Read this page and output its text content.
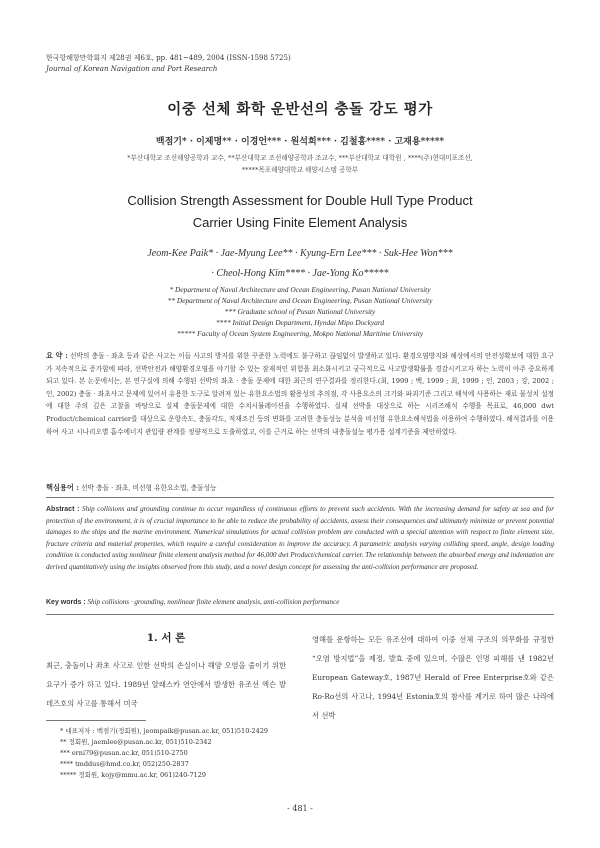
한국항해항만학회지 제28권 제6호, pp. 481~489, 2004 (ISSN-1598 5725)
Journal of Korean Navigation and Port Research
이중 선체 화학 운반선의 충돌 강도 평가
백점기* · 이제명** · 이경언*** · 원석희*** · 김철홍**** · 고재용*****
*부산대학교 조선해양공학과 교수, **부산대학교 조선해양공학과 조교수, ***부산대학교 대학원 , ****(주)현대미포조선,
*****목포해양대학교 해양시스템 공학부
Collision Strength Assessment for Double Hull Type Product
Carrier Using Finite Element Analysis
Jeom-Kee Paik* · Jae-Myung Lee** · Kyung-Ern Lee*** · Suk-Hee Won***
· Cheol-Hong Kim**** · Jae-Yong Ko*****
* Department of Naval Architecture and Ocean Engineering, Pusan National University
** Department of Naval Architecture and Ocean Engineering, Pusan National University
*** Graduate school of Pusan National University
**** Initial Design Department, Hyndai Mipo Dockyard
***** Faculty of Ocean System Engineering, Mokpo National Maritime University
요 약 : 선박의 충돌 · 좌초 등과 같은 사고는 이들 사고의 방지를 위한 꾸준한 노력에도 불구하고 끊임없이 발생하고 있다. 환경오염방지와 해상에서의 안전성확보에 대한 요구가 지속적으로 증가함에 따라, 선박안전과 해양환경오염을 야기할 수 있는 잠재적인 위험을 최소화시키고 궁극적으로 사고발생확률을 경감시키고자 하는 노력이 아주 중요하게 되고 있다. 본 논문에서는, 본 연구실에 의해 수행된 선박의 좌초 · 충돌 문제에 대한 최근의 연구결과를 정리한다.(최, 1999 ; 백, 1999 ; 최, 1999 ; 인, 2003 ; 강, 2002 ; 인, 2002) 충돌 · 좌초사고 문제에 있어서 유용한 도구로 알려져 있는 유한요소법의 활용성의 추의점, 각 사용요소의 크기와 파괴기준 그리고 해석에 사용하는 재료 물성치 설정에 대한 주의 깊은 고찰을 바탕으로 실제 충돌문제에 대한 수치시뮬레이션을 수행하였다. 실제 선박을 대상으로 하는 시리즈해석 수행을 목표로, 46,000 dwt Product/chemical carrier를 대상으로 운항속도, 충돌각도, 적재조건 등의 변화를 고려한 충돌성능 분석을 비선형 유한요소해석법을 이용하여 수행하였다. 해석결과를 이용하여 사고 시나리오별 흡수에너지 관입량 관계를 정량적으로 도출하였고, 이를 근거로 하는 선박의 내충돌설능 평가용 설계기준을 제안하였다.
핵심용어 : 선박 충돌 · 좌초, 비선형 유한요소법, 충돌성능
Abstract : Ship collisions and grounding continue to occur regardless of continuous efforts to prevent such accidents. With the increasing demand for safety at sea and for protection of the environment, it is of crucial importance to be able to reduce the probability of accidents, assess their consequences and ultimately minimize or prevent potential damages to the ships and the marine environment. Numerical simulations for actual collision problem are conducted with a special attention with respect to finite element size, fracture criteria and material properties, which require a careful consideration to improve the accuracy. A parametric analysis varying colliding speed, angle, design loading condition is conducted using nonlinear finite element analysis method for 46,000 dwt Product/chemical carrier. The relationship between the absorbed energy and indentation are derived quantitatively using the insights observed from this study, and a novel design concept for assessing the anti-collision performance are proposed.
Key words : Ship collisions · grounding, nonlinear finite element analysis, anti-collision performance
1. 서 론
최근, 충돌이나 좌초 사고로 인한 선박의 손실이나 해양 오염을 줄이기 위한 요구가 증가 하고 있다. 1989년 알래스카 연안에서 발생한 유조선 엑슨 발데즈호의 사고를 통해서 미국
영해를 운항하는 모든 유조선에 대하여 이중 선체 구조의 의무화를 규정한 “오염 방지법”을 제정, 발효 중에 있으며, 수많은 인명 피해를 낸 1982년 European Gateway호, 1987년 Herald of Free Enterprise호와 같은 Ro-Ro선의 사고나, 1994년 Estonia호의 참사를 계기로 하여 많은 나라에서 선박
* 대표저자 : 백점기(정회원), jeompaik@pusan.ac.kr, 051)510-2429
** 정회원, jaemlee@pusan.ac.kr, 051)510-2342
*** erni79@pusan.ac.kr, 051)510-2750
**** tmddus@hmd.co.kr, 052)250-2837
***** 정회원, kojy@mmu.ac.kr, 061)240-7129
- 481 -
